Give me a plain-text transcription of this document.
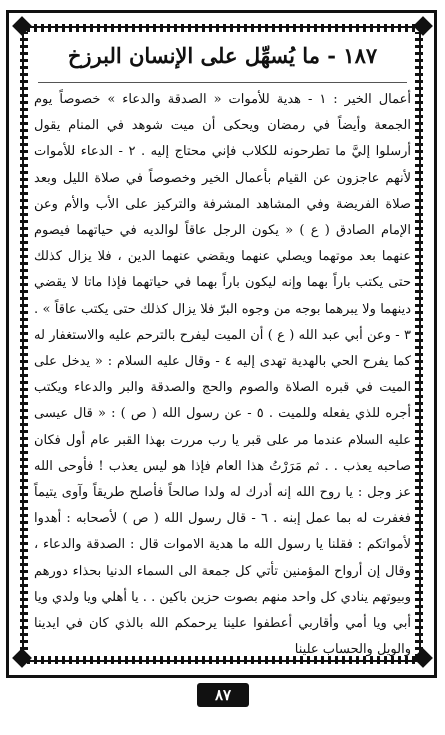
١٨٧ - ما يُسهِّل على الإنسان البرزخ

أعمال الخير : ١ - هدية للأموات « الصدقة والدعاء » خصوصاً يوم الجمعة وأيضاً في رمضان ويحكى أن ميت شوهد في المنام يقول أرسلوا إليَّ ما تطرحونه للكلاب فإني محتاج إليه . ٢ - الدعاء للأموات لأنهم عاجزون عن القيام بأعمال الخير وخصوصاً في صلاة الليل وبعد صلاة الفريضة وفي المشاهد المشرفة والتركيز على الأب والأم وعن الإمام الصادق ( ع ) « يكون الرجل عاقاً لوالديه في حياتهما فيصوم عنهما بعد موتهما ويصلي عنهما ويقضي عنهما الدين ، فلا يزال كذلك حتى يكتب باراً بهما وإنه ليكون باراً بهما في حياتهما فإذا ماتا لا يقضي دينهما ولا يبرهما بوجه من وجوه البرّ فلا يزال كذلك حتى يكتب عاقاً » . ٣ - وعن أبي عبد الله ( ع ) أن الميت ليفرح بالترحم عليه والاستغفار له كما يفرح الحي بالهدية تهدى إليه ٤ - وقال عليه السلام : « يدخل على الميت في قبره الصلاة والصوم والحج والصدقة والبر والدعاء ويكتب أجره للذي يفعله وللميت . ٥ - عن رسول الله ( ص ) : « قال عيسى عليه السلام عندما مر على قبر يا رب مررت بهذا القبر عام أول فكان صاحبه يعذب . . ثم مَرَرْتُ هذا العام فإذا هو ليس يعذب ! فأوحى الله عز وجل : يا روح الله إنه أدرك له ولدا صالحاً فأصلح طريقاً وآوى يتيماً فغفرت له بما عمل إبنه . ٦ - قال رسول الله ( ص ) لأصحابه : أهدوا لأمواتكم : فقلنا يا رسول الله ما هدية الاموات قال : الصدقة والدعاء ، وقال إن أرواح المؤمنين تأتي كل جمعة الى السماء الدنيا بحذاء دورهم وبيوتهم ينادي كل واحد منهم بصوت حزين باكين . . يا أهلي ويا ولدي ويا أبي ويا أمي وأقاربي أعطفوا علينا يرحمكم الله بالذي كان في ايدينا والويل والحساب علينا

٨٧
